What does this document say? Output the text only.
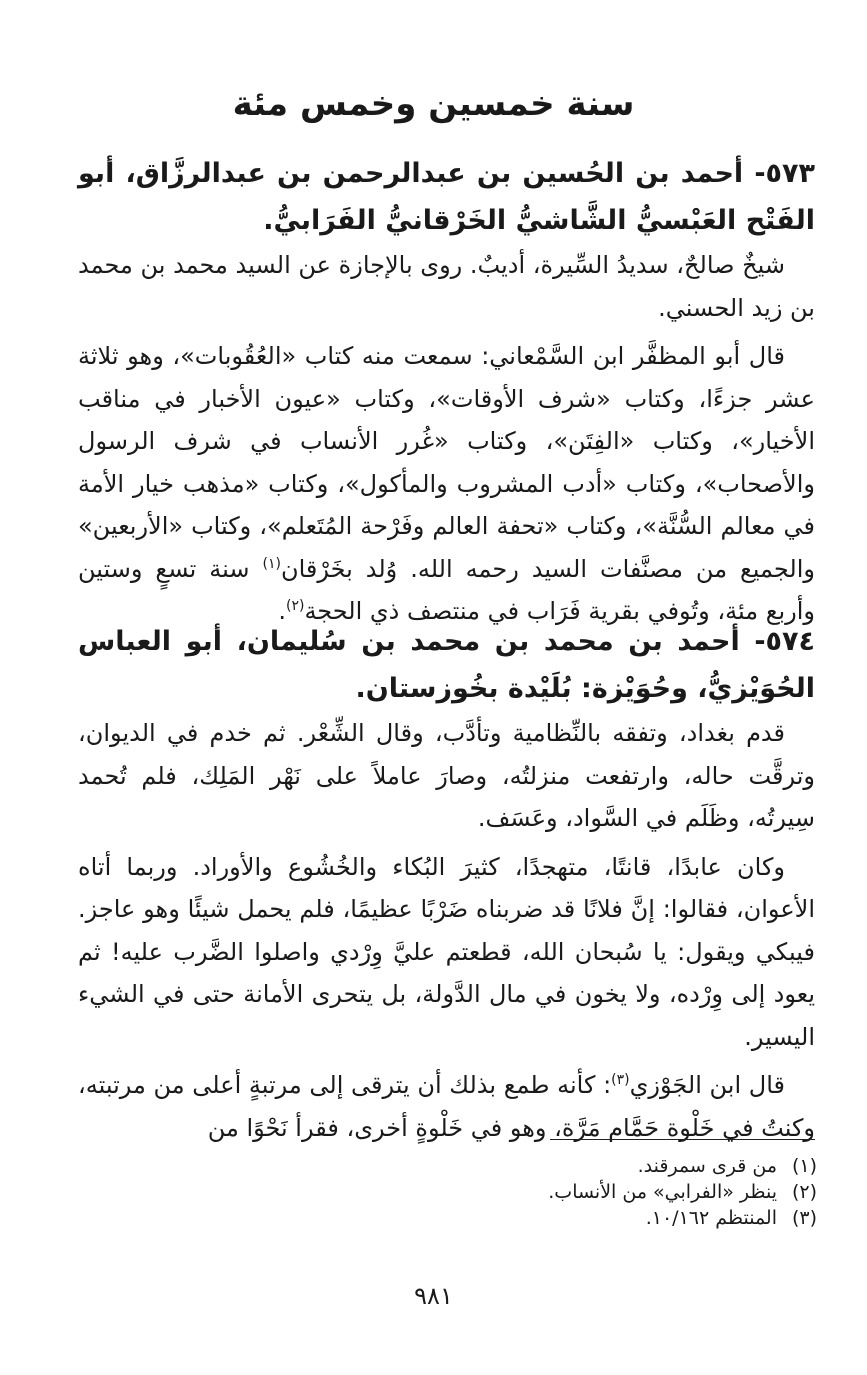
سنة خمسين وخمس مئة
٥٧٣- أحمد بن الحُسين بن عبدالرحمن بن عبدالرزَّاق، أبو الفَتْح العَبْسيُّ الشَّاشيُّ الخَرْقانيُّ الفَرَابيُّ.
شيخٌ صالحٌ، سديدُ السِّيرة، أديبٌ. روى بالإجازة عن السيد محمد بن محمد بن زيد الحسني.
قال أبو المظفَّر ابن السَّمْعاني: سمعت منه كتاب «العُقُوبات»، وهو ثلاثة عشر جزءًا، وكتاب «شرف الأوقات»، وكتاب «عيون الأخبار في مناقب الأخيار»، وكتاب «الفِتَن»، وكتاب «غُرر الأنساب في شرف الرسول والأصحاب»، وكتاب «أدب المشروب والمأكول»، وكتاب «مذهب خيار الأمة في معالم السُّنَّة»، وكتاب «تحفة العالم وفَرْحة المُتَعلم»، وكتاب «الأربعين» والجميع من مصنَّفات السيد رحمه الله. وُلد بخَرْقان$^{(١)}$ سنة تسعٍ وستين وأربع مئة، وتُوفي بقرية فَرَاب في منتصف ذي الحجة$^{(٢)}$.
٥٧٤- أحمد بن محمد بن محمد بن سُليمان، أبو العباس الحُوَيْزيُّ، وحُوَيْزة: بُلَيْدة بخُوزستان.
قدم بغداد، وتفقه بالنِّظامية وتأدَّب، وقال الشِّعْر. ثم خدم في الديوان، وترقَّت حاله، وارتفعت منزلتُه، وصارَ عاملاً على نَهْر المَلِك، فلم تُحمد سِيرتُه، وظَلَم في السَّواد، وعَسَف.
وكان عابدًا، قانتًا، متهجدًا، كثيرَ البُكاء والخُشُوع والأوراد. وربما أتاه الأعوان، فقالوا: إنَّ فلانًا قد ضربناه ضَرْبًا عظيمًا، فلم يحمل شيئًا وهو عاجز. فيبكي ويقول: يا سُبحان الله، قطعتم عليَّ وِرْدي واصلوا الضَّرب عليه! ثم يعود إلى وِرْده، ولا يخون في مال الدَّولة، بل يتحرى الأمانة حتى في الشيء اليسير.
قال ابن الجَوْزي$^{(٣)}$: كأنه طمع بذلك أن يترقى إلى مرتبةٍ أعلى من مرتبته، وكنتُ في خَلْوة حَمَّام مَرَّة، وهو في خَلْوةٍ أخرى، فقرأ نَحْوًا من
(١)من قرى سمرقند.
(٢)ينظر «الفرابي» من الأنساب.
(٣)المنتظم ١٠/١٦٢.
٩٨١
